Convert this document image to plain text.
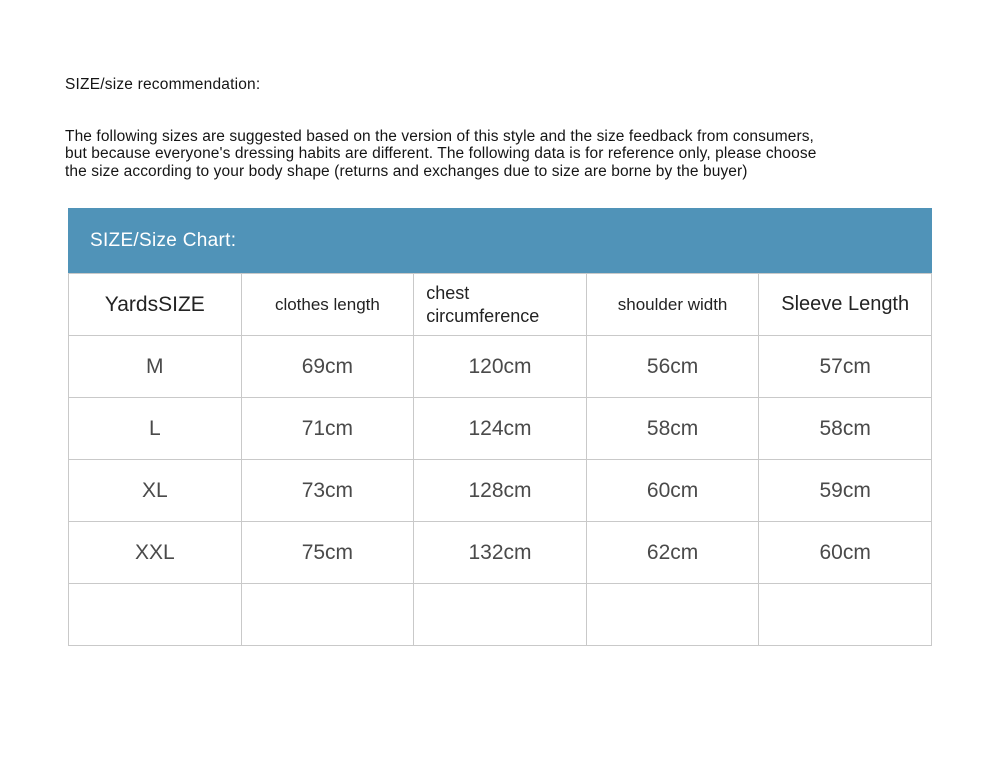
SIZE/size recommendation:
The following sizes are suggested based on the version of this style and the size feedback from consumers,
but because everyone's dressing habits are different. The following data is for reference only, please choose
the size according to your body shape (returns and exchanges due to size are borne by the buyer)
SIZE/Size Chart:
YardsSIZE	clothes length	chest circumference	shoulder width	Sleeve Length
M	69cm	120cm	56cm	57cm
L	71cm	124cm	58cm	58cm
XL	73cm	128cm	60cm	59cm
XXL	75cm	132cm	62cm	60cm
